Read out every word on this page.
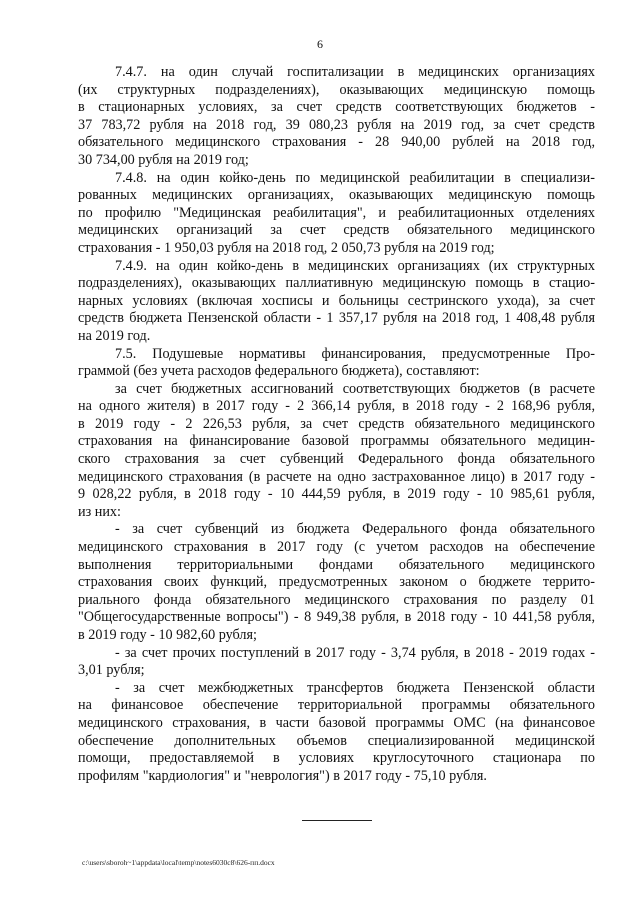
6
7.4.7. на один случай госпитализации в медицинских организациях
(их структурных подразделениях), оказывающих медицинскую помощь
в стационарных условиях, за счет средств соответствующих бюджетов -
37 783,72 рубля на 2018 год, 39 080,23 рубля на 2019 год, за счет средств
обязательного медицинского страхования - 28 940,00 рублей на 2018 год,
30 734,00 рубля на 2019 год;
7.4.8. на один койко-день по медицинской реабилитации в специализи-
рованных медицинских организациях, оказывающих медицинскую помощь
по профилю "Медицинская реабилитация", и реабилитационных отделениях
медицинских организаций за счет средств обязательного медицинского
страхования - 1 950,03 рубля на 2018 год, 2 050,73 рубля на 2019 год;
7.4.9. на один койко-день в медицинских организациях (их структурных
подразделениях), оказывающих паллиативную медицинскую помощь в стацио-
нарных условиях (включая хосписы и больницы сестринского ухода), за счет
средств бюджета Пензенской области - 1 357,17 рубля на 2018 год, 1 408,48 рубля
на 2019 год.
7.5. Подушевые нормативы финансирования, предусмотренные Про-
граммой (без учета расходов федерального бюджета), составляют:
за счет бюджетных ассигнований соответствующих бюджетов (в расчете
на одного жителя) в 2017 году - 2 366,14 рубля, в 2018 году - 2 168,96 рубля,
в 2019 году - 2 226,53 рубля, за счет средств обязательного медицинского
страхования на финансирование базовой программы обязательного медицин-
ского страхования за счет субвенций Федерального фонда обязательного
медицинского страхования (в расчете на одно застрахованное лицо) в 2017 году -
9 028,22 рубля, в 2018 году - 10 444,59 рубля, в 2019 году - 10 985,61 рубля,
из них:
- за счет субвенций из бюджета Федерального фонда обязательного
медицинского страхования в 2017 году (с учетом расходов на обеспечение
выполнения территориальными фондами обязательного медицинского
страхования своих функций, предусмотренных законом о бюджете террито-
риального фонда обязательного медицинского страхования по разделу 01
"Общегосударственные вопросы") - 8 949,38 рубля, в 2018 году - 10 441,58 рубля,
в 2019 году - 10 982,60 рубля;
- за счет прочих поступлений в 2017 году - 3,74 рубля, в 2018 - 2019 годах -
3,01 рубля;
- за счет межбюджетных трансфертов бюджета Пензенской области
на финансовое обеспечение территориальной программы обязательного
медицинского страхования, в части базовой программы ОМС (на финансовое
обеспечение дополнительных объемов специализированной медицинской
помощи, предоставляемой в условиях круглосуточного стационара по
профилям "кардиология" и "неврология") в 2017 году - 75,10 рубля.
c:\users\sboroh~1\appdata\local\temp\notes6030c8\626-пп.docx
